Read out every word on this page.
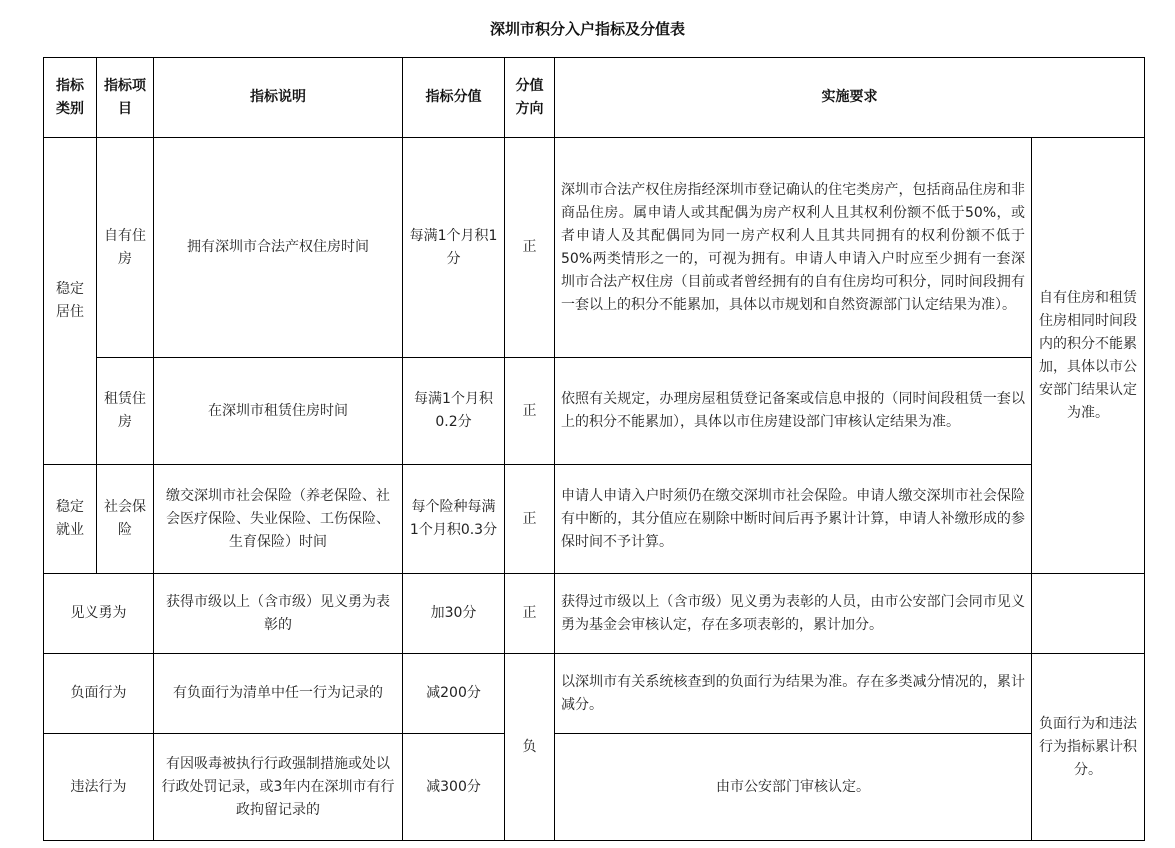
深圳市积分入户指标及分值表
指标类别	指标项目	指标说明	指标分值	分值方向	实施要求	
稳定居住	自有住房	拥有深圳市合法产权住房时间	每满1个月积1分	正	深圳市合法产权住房指经深圳市登记确认的住宅类房产，包括商品住房和非商品住房。属申请人或其配偶为房产权利人且其权利份额不低于50%，或者申请人及其配偶同为同一房产权利人且其共同拥有的权利份额不低于50%两类情形之一的，可视为拥有。申请人申请入户时应至少拥有一套深圳市合法产权住房（目前或者曾经拥有的自有住房均可积分，同时间段拥有一套以上的积分不能累加，具体以市规划和自然资源部门认定结果为准）。	自有住房和租赁住房相同时间段内的积分不能累加，具体以市公安部门结果认定为准。
	租赁住房	在深圳市租赁住房时间	每满1个月积0.2分	正	依照有关规定，办理房屋租赁登记备案或信息申报的（同时间段租赁一套以上的积分不能累加），具体以市住房建设部门审核认定结果为准。	
稳定就业	社会保险	缴交深圳市社会保险（养老保险、社会医疗保险、失业保险、工伤保险、生育保险）时间	每个险种每满1个月积0.3分	正	申请人申请入户时须仍在缴交深圳市社会保险。申请人缴交深圳市社会保险有中断的，其分值应在剔除中断时间后再予累计计算，申请人补缴形成的参保时间不予计算。	
见义勇为		获得市级以上（含市级）见义勇为表彰的	加30分	正	获得过市级以上（含市级）见义勇为表彰的人员，由市公安部门会同市见义勇为基金会审核认定，存在多项表彰的，累计加分。	
负面行为		有负面行为清单中任一行为记录的	减200分	负	以深圳市有关系统核查到的负面行为结果为准。存在多类减分情况的，累计减分。	负面行为和违法行为指标累计积分。
违法行为		有因吸毒被执行行政强制措施或处以行政处罚记录，或3年内在深圳市有行政拘留记录的	减300分		由市公安部门审核认定。	
